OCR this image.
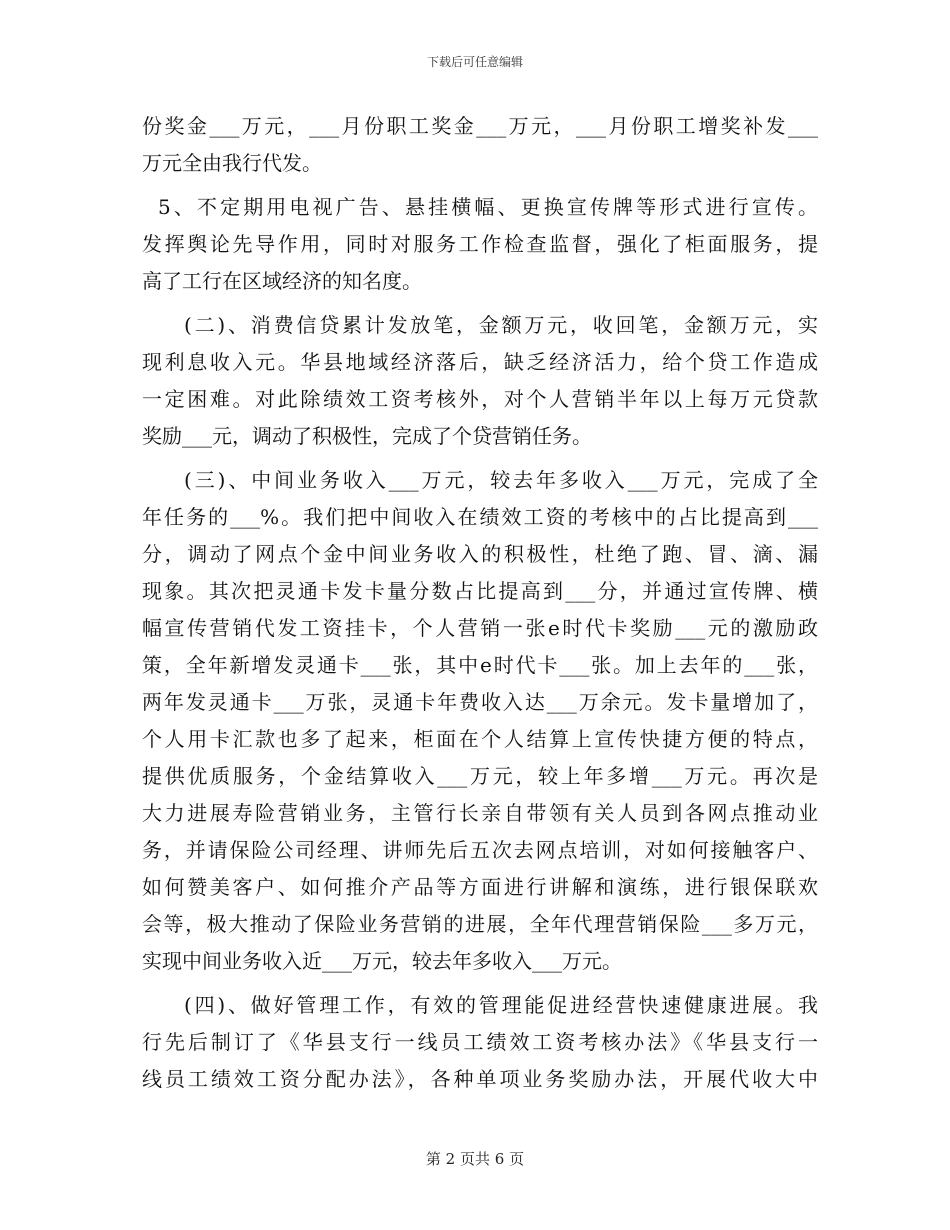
下载后可任意编辑
份奖金___万元，___月份职工奖金___万元，___月份职工增奖补发___
万元全由我行代发。
5、不定期用电视广告、悬挂横幅、更换宣传牌等形式进行宣传。
发挥舆论先导作用，同时对服务工作检查监督，强化了柜面服务，提
高了工行在区域经济的知名度。
(二)、消费信贷累计发放笔，金额万元，收回笔，金额万元，实
现利息收入元。华县地域经济落后，缺乏经济活力，给个贷工作造成
一定困难。对此除绩效工资考核外，对个人营销半年以上每万元贷款
奖励___元，调动了积极性，完成了个贷营销任务。
(三)、中间业务收入___万元，较去年多收入___万元，完成了全
年任务的___%。我们把中间收入在绩效工资的考核中的占比提高到___
分，调动了网点个金中间业务收入的积极性，杜绝了跑、冒、滴、漏
现象。其次把灵通卡发卡量分数占比提高到___分，并通过宣传牌、横
幅宣传营销代发工资挂卡，个人营销一张e时代卡奖励___元的激励政
策，全年新增发灵通卡___张，其中e时代卡___张。加上去年的___张，
两年发灵通卡___万张，灵通卡年费收入达___万余元。发卡量增加了，
个人用卡汇款也多了起来，柜面在个人结算上宣传快捷方便的特点，
提供优质服务，个金结算收入___万元，较上年多增___万元。再次是
大力进展寿险营销业务，主管行长亲自带领有关人员到各网点推动业
务，并请保险公司经理、讲师先后五次去网点培训，对如何接触客户、
如何赞美客户、如何推介产品等方面进行讲解和演练，进行银保联欢
会等，极大推动了保险业务营销的进展，全年代理营销保险___多万元，
实现中间业务收入近___万元，较去年多收入___万元。
(四)、做好管理工作，有效的管理能促进经营快速健康进展。我
行先后制订了《华县支行一线员工绩效工资考核办法》《华县支行一
线员工绩效工资分配办法》，各种单项业务奖励办法，开展代收大中
第 2 页共 6 页
